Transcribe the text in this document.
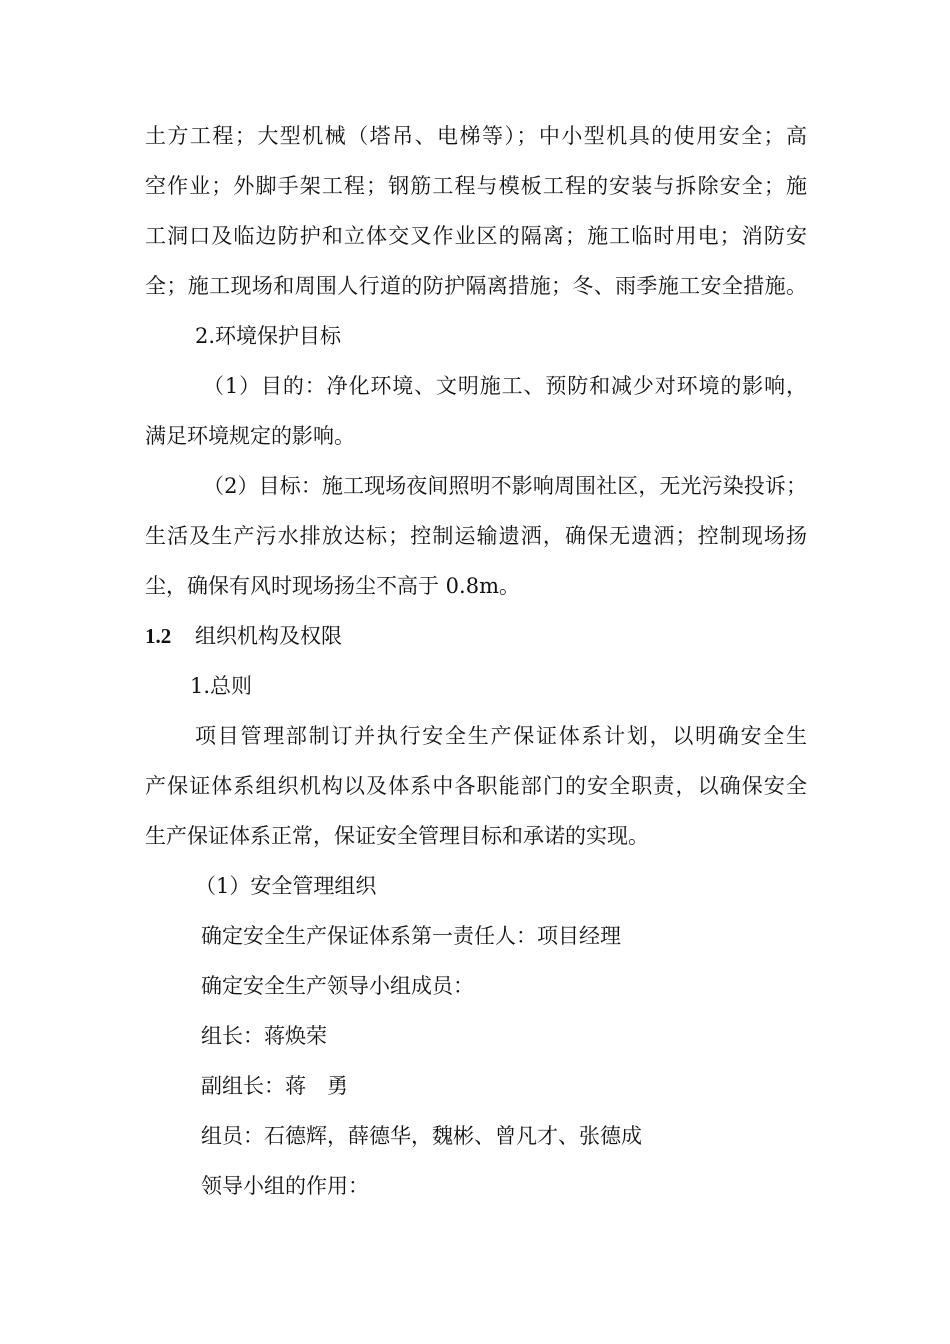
土方工程；大型机械（塔吊、电梯等）；中小型机具的使用安全；高
空作业；外脚手架工程；钢筋工程与模板工程的安装与拆除安全；施
工洞口及临边防护和立体交叉作业区的隔离；施工临时用电；消防安
全；施工现场和周围人行道的防护隔离措施；冬、雨季施工安全措施。
2.环境保护目标
（1）目的：净化环境、文明施工、预防和减少对环境的影响，
满足环境规定的影响。
（2）目标：施工现场夜间照明不影响周围社区，无光污染投诉；
生活及生产污水排放达标；控制运输遗洒，确保无遗洒；控制现场扬
尘，确保有风时现场扬尘不高于 0.8m。
1.2 组织机构及权限
1.总则
项目管理部制订并执行安全生产保证体系计划，以明确安全生
产保证体系组织机构以及体系中各职能部门的安全职责，以确保安全
生产保证体系正常，保证安全管理目标和承诺的实现。
（1）安全管理组织
确定安全生产保证体系第一责任人：项目经理
确定安全生产领导小组成员：
组长：蒋焕荣
副组长：蒋　勇
组员：石德辉，薛德华，魏彬、曾凡才、张德成
领导小组的作用：
